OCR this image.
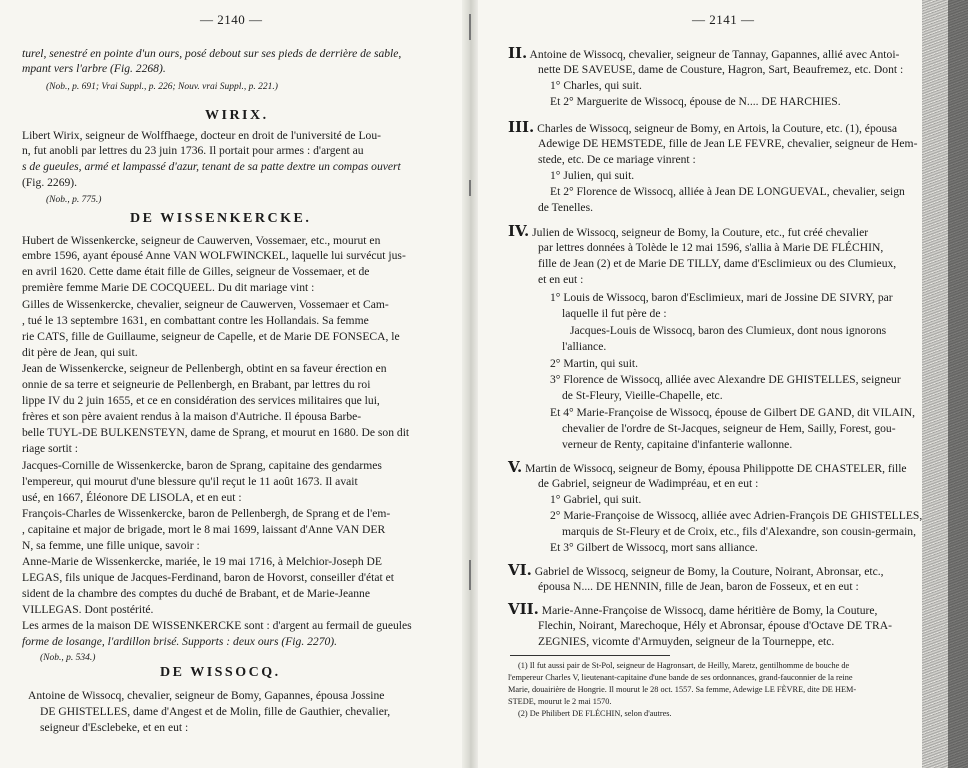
— 2140 —
turel, senestré en pointe d'un ours, posé debout sur ses pieds de derrière de sable,
mpant vers l'arbre (Fig. 2268).
(Nob., p. 691; Vrai Suppl., p. 226; Nouv. vrai Suppl., p. 221.)
WIRIX.
Libert Wirix, seigneur de Wolffhaege, docteur en droit de l'université de Lou-
n, fut anobli par lettres du 23 juin 1736. Il portait pour armes : d'argent au
s de gueules, armé et lampassé d'azur, tenant de sa patte dextre un compas ouvert
(Fig. 2269).
(Nob., p. 775.)
DE WISSENKERCKE.
Hubert de Wissenkercke, seigneur de Cauwerven, Vossemaer, etc., mourut en
embre 1596, ayant épousé Anne VAN WOLFWINCKEL, laquelle lui survécut jus-
en avril 1620. Cette dame était fille de Gilles, seigneur de Vossemaer, et de
première femme Marie DE COCQUEEL. Du dit mariage vint :
Gilles de Wissenkercke, chevalier, seigneur de Cauwerven, Vossemaer et Cam-
, tué le 13 septembre 1631, en combattant contre les Hollandais. Sa femme
rie CATS, fille de Guillaume, seigneur de Capelle, et de Marie DE FONSECA, le
dit père de Jean, qui suit.
Jean de Wissenkercke, seigneur de Pellenbergh, obtint en sa faveur érection en
onnie de sa terre et seigneurie de Pellenbergh, en Brabant, par lettres du roi
lippe IV du 2 juin 1655, et ce en considération des services militaires que lui,
frères et son père avaient rendus à la maison d'Autriche. Il épousa Barbe-
belle TUYL-DE BULKENSTEYN, dame de Sprang, et mourut en 1680. De son dit
riage sortit :
Jacques-Cornille de Wissenkercke, baron de Sprang, capitaine des gendarmes
l'empereur, qui mourut d'une blessure qu'il reçut le 11 août 1673. Il avait
usé, en 1667, Éléonore DE LISOLA, et en eut :
François-Charles de Wissenkercke, baron de Pellenbergh, de Sprang et de l'em-
, capitaine et major de brigade, mort le 8 mai 1699, laissant d'Anne VAN DER
N, sa femme, une fille unique, savoir :
Anne-Marie de Wissenkercke, mariée, le 19 mai 1716, à Melchior-Joseph DE
LEGAS, fils unique de Jacques-Ferdinand, baron de Hovorst, conseiller d'état et
sident de la chambre des comptes du duché de Brabant, et de Marie-Jeanne
VILLEGAS. Dont postérité.
Les armes de la maison DE WISSENKERCKE sont : d'argent au fermail de gueules
forme de losange, l'ardillon brisé. Supports : deux ours (Fig. 2270).
(Nob., p. 534.)
DE WISSOCQ.
Antoine de Wissocq, chevalier, seigneur de Bomy, Gapannes, épousa Jossine
DE GHISTELLES, dame d'Angest et de Molin, fille de Gauthier, chevalier,
seigneur d'Esclebeke, et en eut :
— 2141 —
II. Antoine de Wissocq, chevalier, seigneur de Tannay, Gapannes, allié avec Antoi-
nette DE SAVEUSE, dame de Cousture, Hagron, Sart, Beaufremez, etc. Dont :
1° Charles, qui suit.
Et 2° Marguerite de Wissocq, épouse de N.... DE HARCHIES.
III. Charles de Wissocq, seigneur de Bomy, en Artois, la Couture, etc. (1), épousa
Adewige DE HEMSTEDE, fille de Jean LE FEVRE, chevalier, seigneur de Hem-
stede, etc. De ce mariage vinrent :
1° Julien, qui suit.
Et 2° Florence de Wissocq, alliée à Jean DE LONGUEVAL, chevalier, seign
de Tenelles.
IV. Julien de Wissocq, seigneur de Bomy, la Couture, etc., fut créé chevalier
par lettres données à Tolède le 12 mai 1596, s'allia à Marie DE FLÉCHIN,
fille de Jean (2) et de Marie DE TILLY, dame d'Esclimieux ou des Clumieux,
et en eut :
1° Louis de Wissocq, baron d'Esclimieux, mari de Jossine DE SIVRY, par
laquelle il fut père de :
Jacques-Louis de Wissocq, baron des Clumieux, dont nous ignorons
l'alliance.
2° Martin, qui suit.
3° Florence de Wissocq, alliée avec Alexandre DE GHISTELLES, seigneur
de St-Fleury, Vieille-Chapelle, etc.
Et 4° Marie-Françoise de Wissocq, épouse de Gilbert DE GAND, dit VILAIN,
chevalier de l'ordre de St-Jacques, seigneur de Hem, Sailly, Forest, gou-
verneur de Renty, capitaine d'infanterie wallonne.
V. Martin de Wissocq, seigneur de Bomy, épousa Philippotte DE CHASTELER, fille
de Gabriel, seigneur de Wadimpréau, et en eut :
1° Gabriel, qui suit.
2° Marie-Françoise de Wissocq, alliée avec Adrien-François DE GHISTELLES,
marquis de St-Fleury et de Croix, etc., fils d'Alexandre, son cousin-germain,
Et 3° Gilbert de Wissocq, mort sans alliance.
VI. Gabriel de Wissocq, seigneur de Bomy, la Couture, Noirant, Abronsar, etc.,
épousa N.... DE HENNIN, fille de Jean, baron de Fosseux, et en eut :
VII. Marie-Anne-Françoise de Wissocq, dame héritière de Bomy, la Couture,
Flechin, Noirant, Marechoque, Hély et Abronsar, épouse d'Octave DE TRA-
ZEGNIES, vicomte d'Armuyden, seigneur de la Tourneppe, etc.
(1) Il fut aussi pair de St-Pol, seigneur de Hagronsart, de Heilly, Maretz, gentilhomme de bouche de
l'empereur Charles V, lieutenant-capitaine d'une bande de ses ordonnances, grand-fauconnier de la reine
Marie, douairière de Hongrie. Il mourut le 28 oct. 1557. Sa femme, Adewige LE FÈVRE, dite DE HEM-
STEDE, mourut le 2 mai 1570.
(2) De Philibert DE FLÉCHIN, selon d'autres.
